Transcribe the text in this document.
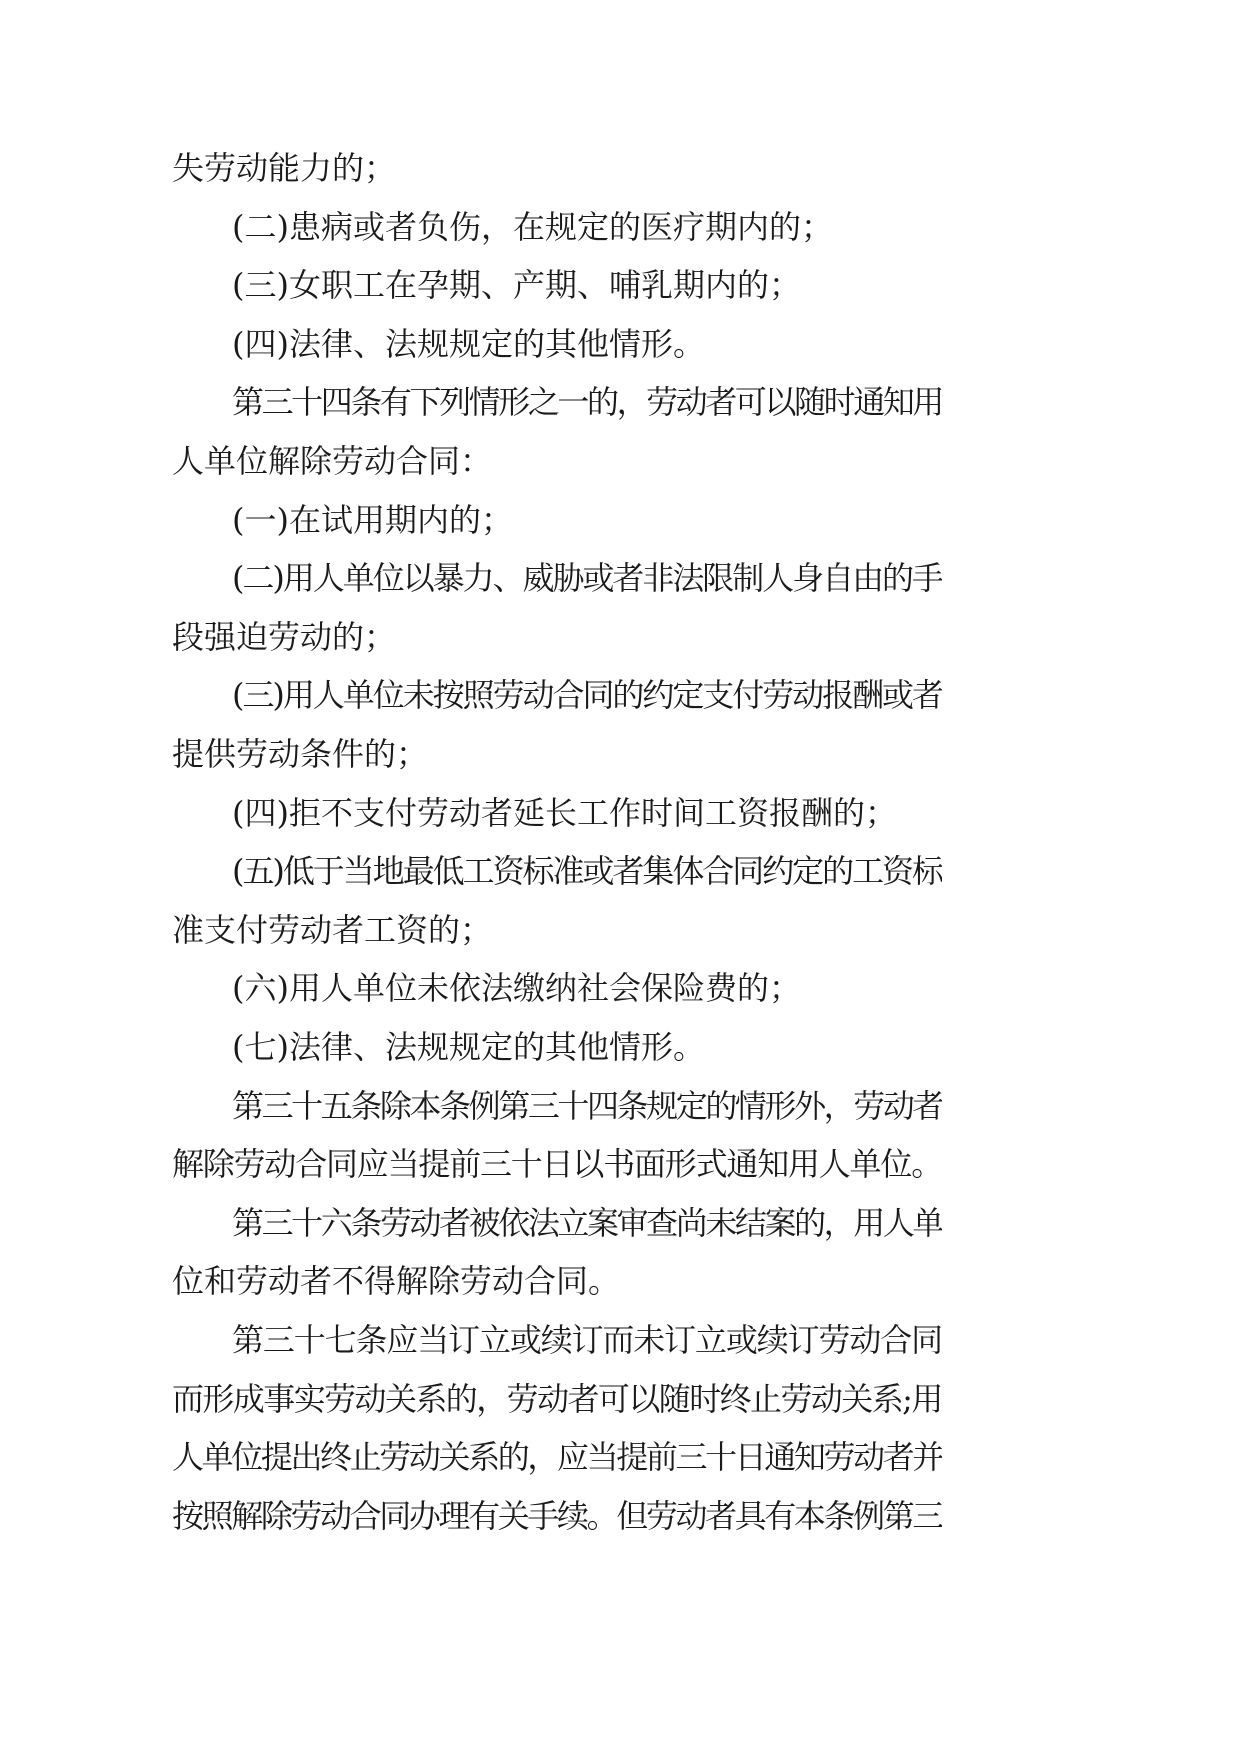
失劳动能力的；
(二)患病或者负伤，在规定的医疗期内的；
(三)女职工在孕期、产期、哺乳期内的；
(四)法律、法规规定的其他情形。
第三十四条有下列情形之一的，劳动者可以随时通知用
人单位解除劳动合同：
(一)在试用期内的；
(二)用人单位以暴力、威胁或者非法限制人身自由的手
段强迫劳动的；
(三)用人单位未按照劳动合同的约定支付劳动报酬或者
提供劳动条件的；
(四)拒不支付劳动者延长工作时间工资报酬的；
(五)低于当地最低工资标准或者集体合同约定的工资标
准支付劳动者工资的；
(六)用人单位未依法缴纳社会保险费的；
(七)法律、法规规定的其他情形。
第三十五条除本条例第三十四条规定的情形外，劳动者
解除劳动合同应当提前三十日以书面形式通知用人单位。
第三十六条劳动者被依法立案审查尚未结案的，用人单
位和劳动者不得解除劳动合同。
第三十七条应当订立或续订而未订立或续订劳动合同
而形成事实劳动关系的，劳动者可以随时终止劳动关系;用
人单位提出终止劳动关系的，应当提前三十日通知劳动者并
按照解除劳动合同办理有关手续。但劳动者具有本条例第三
